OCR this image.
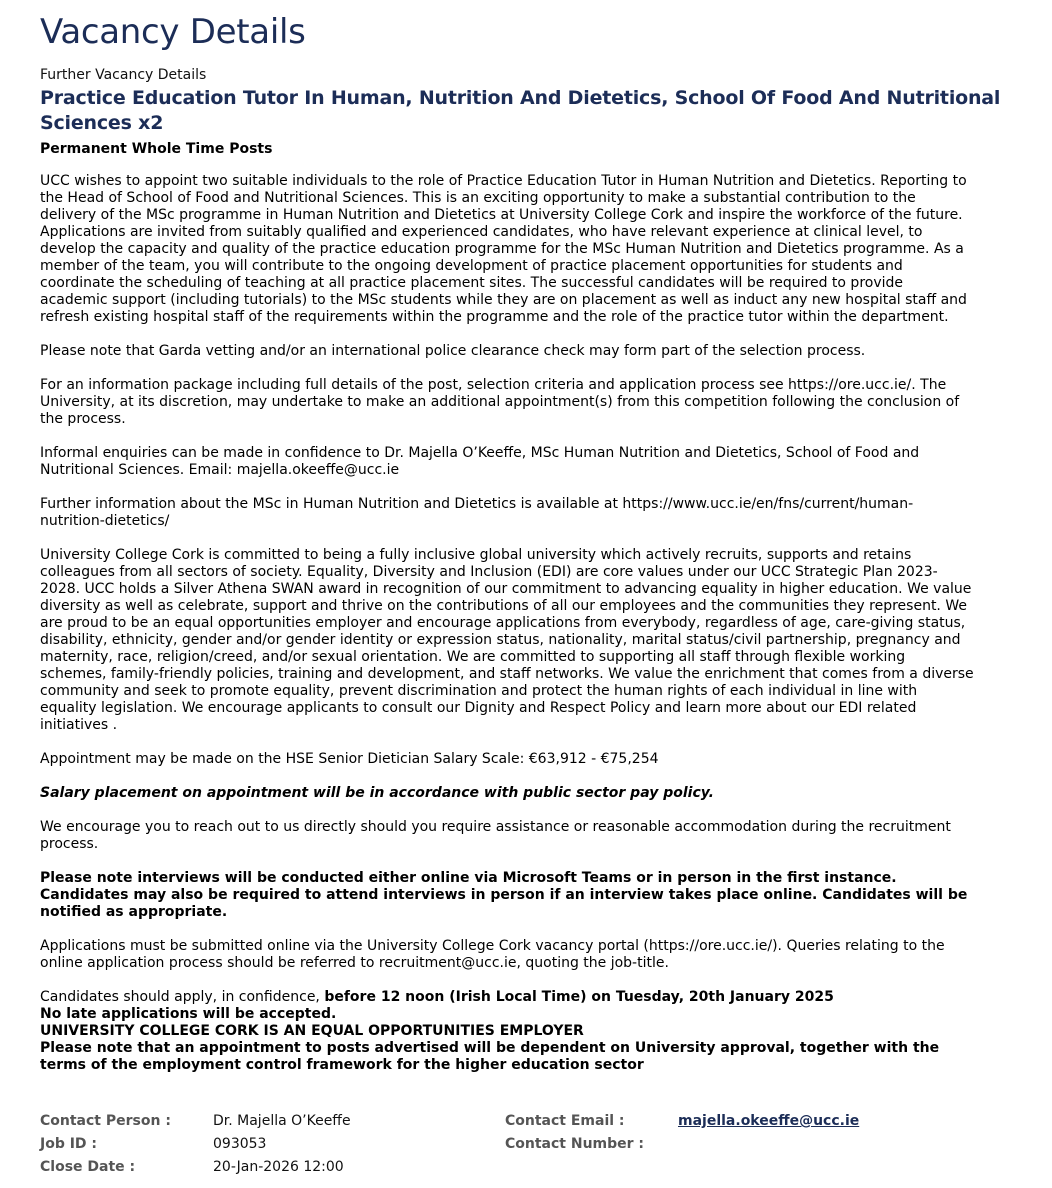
Vacancy Details
Further Vacancy Details
Practice Education Tutor In Human, Nutrition And Dietetics, School Of Food And Nutritional Sciences x2
Permanent Whole Time Posts

UCC wishes to appoint two suitable individuals to the role of Practice Education Tutor in Human Nutrition and Dietetics. Reporting to the Head of School of Food and Nutritional Sciences. This is an exciting opportunity to make a substantial contribution to the delivery of the MSc programme in Human Nutrition and Dietetics at University College Cork and inspire the workforce of the future. Applications are invited from suitably qualified and experienced candidates, who have relevant experience at clinical level, to develop the capacity and quality of the practice education programme for the MSc Human Nutrition and Dietetics programme. As a member of the team, you will contribute to the ongoing development of practice placement opportunities for students and coordinate the scheduling of teaching at all practice placement sites. The successful candidates will be required to provide academic support (including tutorials) to the MSc students while they are on placement as well as induct any new hospital staff and refresh existing hospital staff of the requirements within the programme and the role of the practice tutor within the department.

Please note that Garda vetting and/or an international police clearance check may form part of the selection process.

For an information package including full details of the post, selection criteria and application process see https://ore.ucc.ie/. The University, at its discretion, may undertake to make an additional appointment(s) from this competition following the conclusion of the process.

Informal enquiries can be made in confidence to Dr. Majella O’Keeffe, MSc Human Nutrition and Dietetics, School of Food and Nutritional Sciences. Email: majella.okeeffe@ucc.ie

Further information about the MSc in Human Nutrition and Dietetics is available at https://www.ucc.ie/en/fns/current/human-nutrition-dietetics/

University College Cork is committed to being a fully inclusive global university which actively recruits, supports and retains colleagues from all sectors of society. Equality, Diversity and Inclusion (EDI) are core values under our UCC Strategic Plan 2023-2028. UCC holds a Silver Athena SWAN award in recognition of our commitment to advancing equality in higher education. We value diversity as well as celebrate, support and thrive on the contributions of all our employees and the communities they represent. We are proud to be an equal opportunities employer and encourage applications from everybody, regardless of age, care-giving status, disability, ethnicity, gender and/or gender identity or expression status, nationality, marital status/civil partnership, pregnancy and maternity, race, religion/creed, and/or sexual orientation. We are committed to supporting all staff through flexible working schemes, family-friendly policies, training and development, and staff networks. We value the enrichment that comes from a diverse community and seek to promote equality, prevent discrimination and protect the human rights of each individual in line with equality legislation. We encourage applicants to consult our Dignity and Respect Policy and learn more about our EDI related initiatives .

Appointment may be made on the HSE Senior Dietician Salary Scale: €63,912 - €75,254

Salary placement on appointment will be in accordance with public sector pay policy.

We encourage you to reach out to us directly should you require assistance or reasonable accommodation during the recruitment process.

Please note interviews will be conducted either online via Microsoft Teams or in person in the first instance. Candidates may also be required to attend interviews in person if an interview takes place online. Candidates will be notified as appropriate.

Applications must be submitted online via the University College Cork vacancy portal (https://ore.ucc.ie/). Queries relating to the online application process should be referred to recruitment@ucc.ie, quoting the job-title.

Candidates should apply, in confidence, before 12 noon (Irish Local Time) on Tuesday, 20th January 2025
No late applications will be accepted.
UNIVERSITY COLLEGE CORK IS AN EQUAL OPPORTUNITIES EMPLOYER
Please note that an appointment to posts advertised will be dependent on University approval, together with the terms of the employment control framework for the higher education sector

Contact Person :	Dr. Majella O’Keeffe	Contact Email :	majella.okeeffe@ucc.ie
Job ID :	093053	Contact Number :
Close Date :	20-Jan-2026 12:00
